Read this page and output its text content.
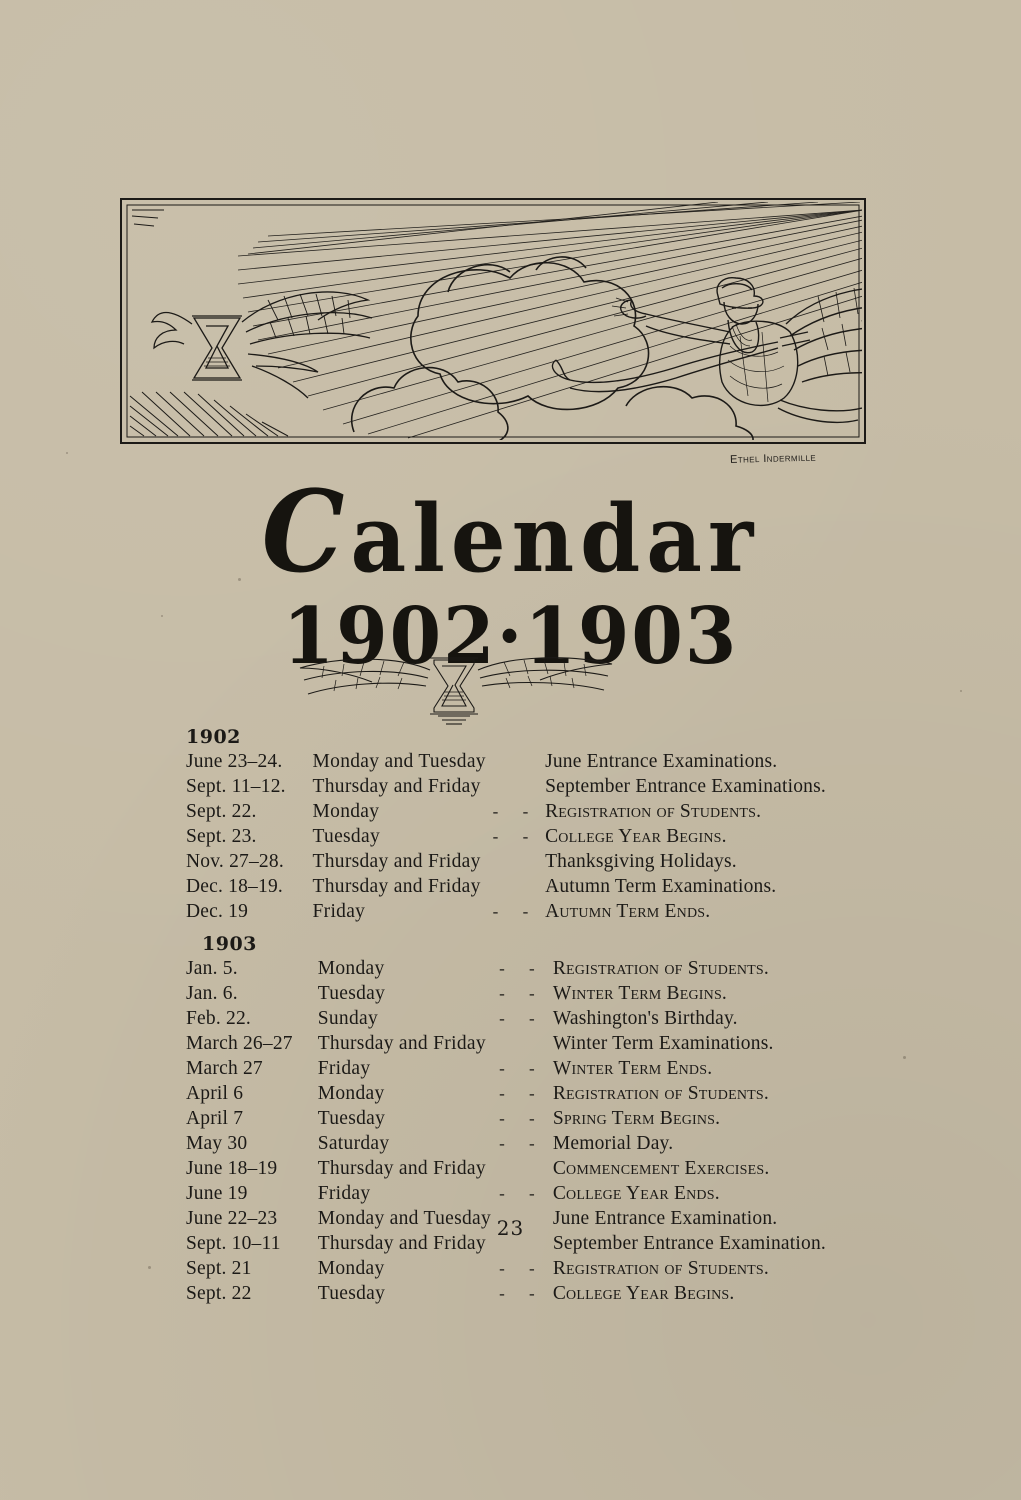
Ethel Indermille
Calendar
1902·1903
1902
June 23–24.	Monday and Tuesday		June Entrance Examinations.
Sept. 11–12.	Thursday and Friday		September Entrance Examinations.
Sept. 22.	Monday	- -	Registration of Students.
Sept. 23.	Tuesday	- -	College Year Begins.
Nov. 27–28.	Thursday and Friday		Thanksgiving Holidays.
Dec. 18–19.	Thursday and Friday		Autumn Term Examinations.
Dec. 19	Friday	- -	Autumn Term Ends.
1903
Jan. 5.	Monday	- -	Registration of Students.
Jan. 6.	Tuesday	- -	Winter Term Begins.
Feb. 22.	Sunday	- -	Washington's Birthday.
March 26–27	Thursday and Friday		Winter Term Examinations.
March 27	Friday	- -	Winter Term Ends.
April 6	Monday	- -	Registration of Students.
April 7	Tuesday	- -	Spring Term Begins.
May 30	Saturday	- -	Memorial Day.
June 18–19	Thursday and Friday		Commencement Exercises.
June 19	Friday	- -	College Year Ends.
June 22–23	Monday and Tuesday		June Entrance Examination.
Sept. 10–11	Thursday and Friday		September Entrance Examination.
Sept. 21	Monday	- -	Registration of Students.
Sept. 22	Tuesday	- -	College Year Begins.
23
